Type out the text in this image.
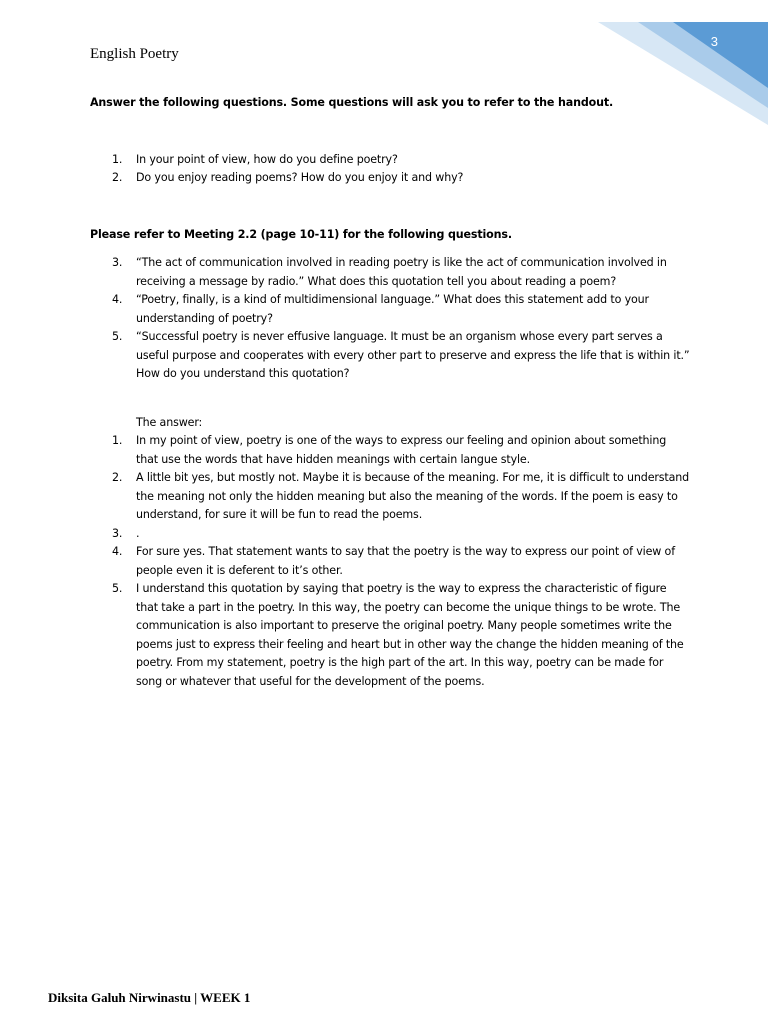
3
English Poetry

Answer the following questions. Some questions will ask you to refer to the handout.

1. In your point of view, how do you define poetry?
2. Do you enjoy reading poems? How do you enjoy it and why?

Please refer to Meeting 2.2 (page 10-11) for the following questions.

3. “The act of communication involved in reading poetry is like the act of communication involved in receiving a message by radio.” What does this quotation tell you about reading a poem?
4. “Poetry, finally, is a kind of multidimensional language.” What does this statement add to your understanding of poetry?
5. “Successful poetry is never effusive language. It must be an organism whose every part serves a useful purpose and cooperates with every other part to preserve and express the life that is within it.” How do you understand this quotation?
The answer:
1. In my point of view, poetry is one of the ways to express our feeling and opinion about something that use the words that have hidden meanings with certain langue style.
2. A little bit yes, but mostly not. Maybe it is because of the meaning. For me, it is difficult to understand the meaning not only the hidden meaning but also the meaning of the words. If the poem is easy to understand, for sure it will be fun to read the poems.
3. .
4. For sure yes. That statement wants to say that the poetry is the way to express our point of view of people even it is deferent to it’s other.
5. I understand this quotation by saying that poetry is the way to express the characteristic of figure that take a part in the poetry. In this way, the poetry can become the unique things to be wrote. The communication is also important to preserve the original poetry. Many people sometimes write the poems just to express their feeling and heart but in other way the change the hidden meaning of the poetry. From my statement, poetry is the high part of the art. In this way, poetry can be made for song or whatever that useful for the development of the poems.
Diksita Galuh Nirwinastu | WEEK 1
